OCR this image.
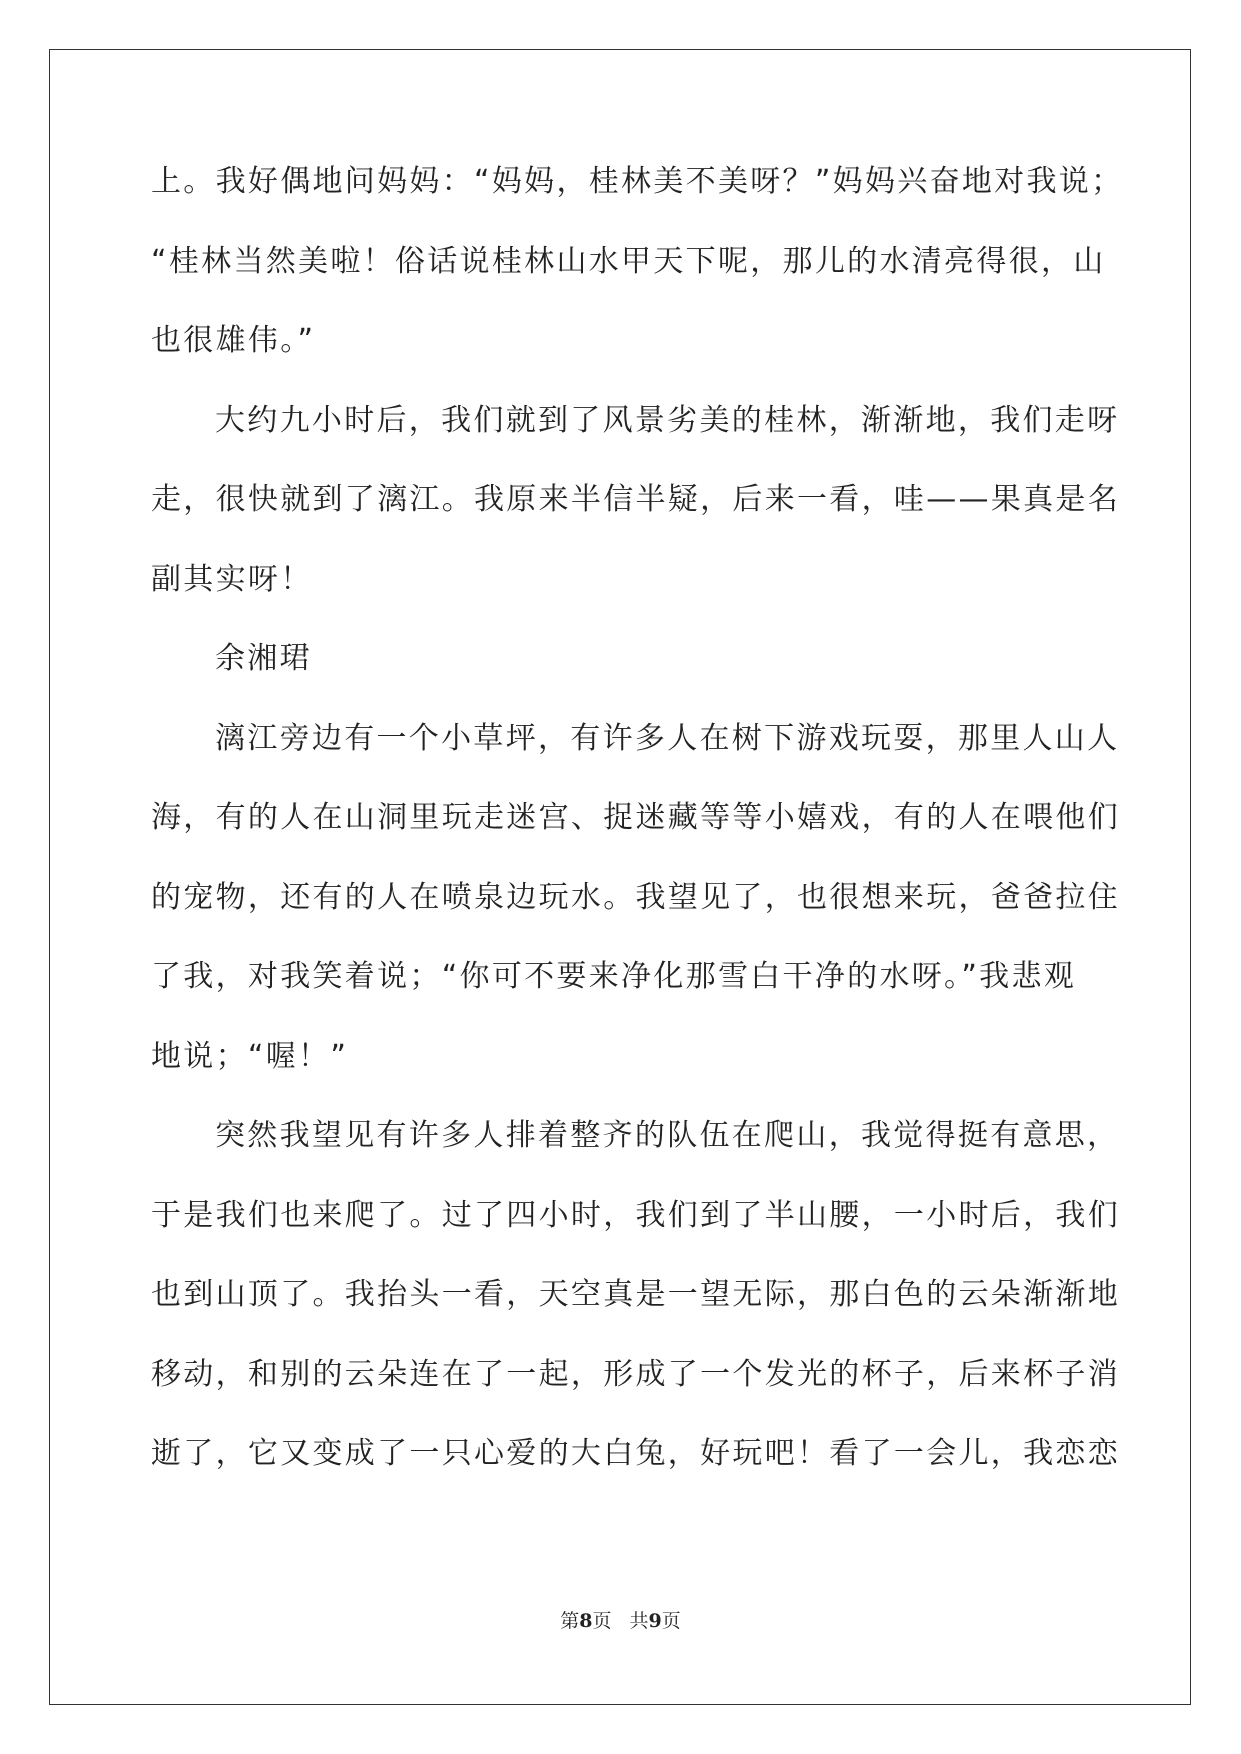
上。我好偶地问妈妈：“妈妈，桂林美不美呀？”妈妈兴奋地对我说；
“桂林当然美啦！俗话说桂林山水甲天下呢，那儿的水清亮得很，山
也很雄伟。”
大约九小时后，我们就到了风景劣美的桂林，渐渐地，我们走呀
走，很快就到了漓江。我原来半信半疑，后来一看，哇——果真是名
副其实呀！
余湘珺
漓江旁边有一个小草坪，有许多人在树下游戏玩耍，那里人山人
海，有的人在山洞里玩走迷宫、捉迷藏等等小嬉戏，有的人在喂他们
的宠物，还有的人在喷泉边玩水。我望见了，也很想来玩，爸爸拉住
了我，对我笑着说；“你可不要来净化那雪白干净的水呀。”我悲观
地说；“喔！”
突然我望见有许多人排着整齐的队伍在爬山，我觉得挺有意思，
于是我们也来爬了。过了四小时，我们到了半山腰，一小时后，我们
也到山顶了。我抬头一看，天空真是一望无际，那白色的云朵渐渐地
移动，和别的云朵连在了一起，形成了一个发光的杯子，后来杯子消
逝了，它又变成了一只心爱的大白兔，好玩吧！看了一会儿，我恋恋
第8页 共9页
